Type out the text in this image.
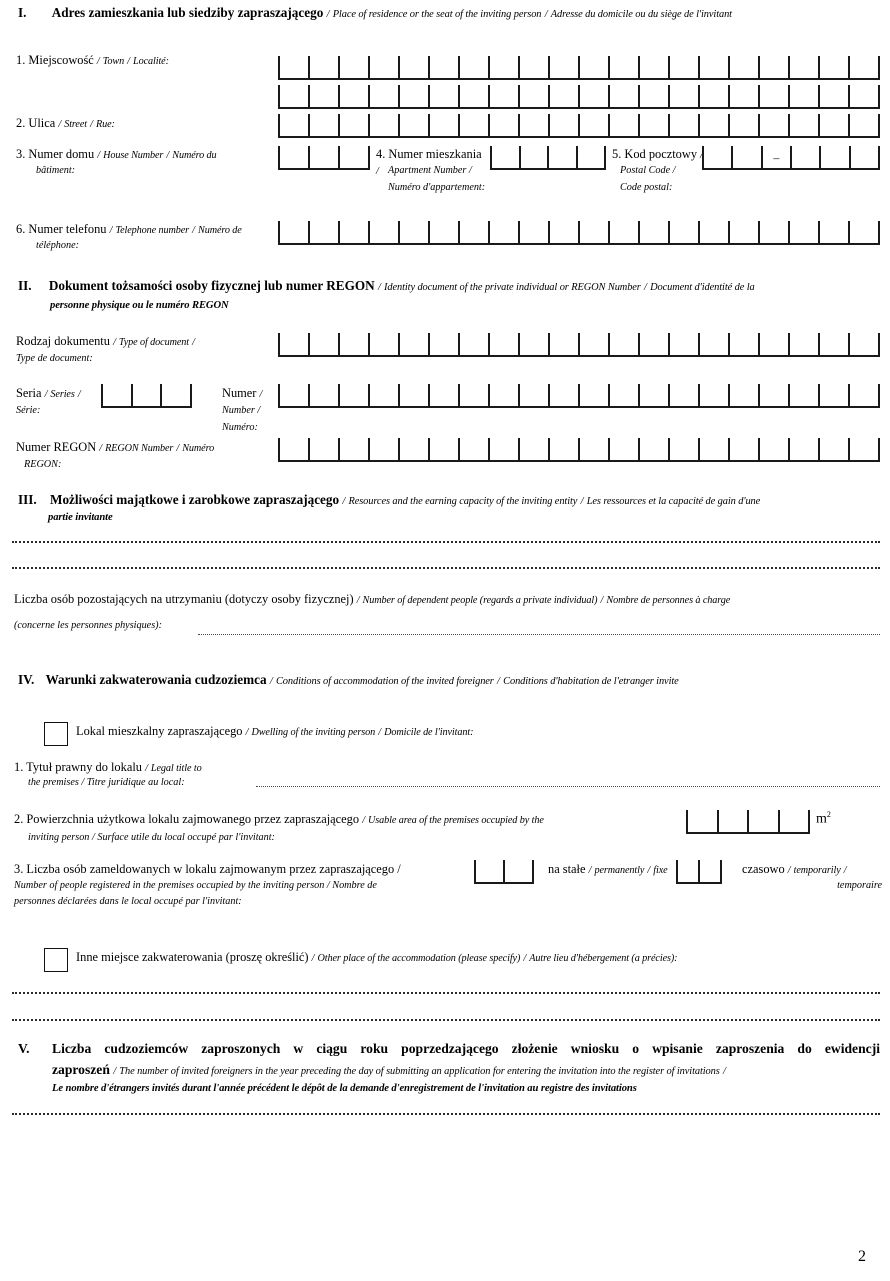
I. Adres zamieszkania lub siedziby zapraszającego / Place of residence or the seat of the inviting person / Adresse du domicile ou du siège de l'invitant
1. Miejscowość / Town / Localité:
2. Ulica / Street / Rue:
3. Numer domu / House Number / Numéro du
bâtiment:
4. Numer mieszkania / Apartment Number /
Numéro d'appartement:
5. Kod pocztowy /
Postal Code /
Code postal:
–
6. Numer telefonu / Telephone number / Numéro de
téléphone:
II. Dokument tożsamości osoby fizycznej lub numer REGON / Identity document of the private individual or REGON Number / Document d'identité de la
personne physique ou le numéro REGON
Rodzaj dokumentu / Type of document /
Type de document:
Seria / Series /
Série:
Numer /
Number /
Numéro:
Numer REGON / REGON Number / Numéro
REGON:
III. Możliwości majątkowe i zarobkowe zapraszającego / Resources and the earning capacity of the inviting entity / Les ressources et la capacité de gain d'une
partie invitante
Liczba osób pozostających na utrzymaniu (dotyczy osoby fizycznej) / Number of dependent people (regards a private individual) / Nombre de personnes à charge
(concerne les personnes physiques):
IV. Warunki zakwaterowania cudzoziemca / Conditions of accommodation of the invited foreigner / Conditions d'habitation de l'etranger invite
Lokal mieszkalny zapraszającego / Dwelling of the inviting person / Domicile de l'invitant:
1. Tytuł prawny do lokalu / Legal title to
the premises / Titre juridique au local:
2. Powierzchnia użytkowa lokalu zajmowanego przez zapraszającego / Usable area of the premises occupied by the
inviting person / Surface utile du local occupé par l'invitant:
$m^2$
3. Liczba osób zameldowanych w lokalu zajmowanym przez zapraszającego /
Number of people registered in the premises occupied by the inviting person / Nombre de
personnes déclarées dans le local occupé par l'invitant:
na stałe / permanently / fixe	czasowo / temporarily /
temporaire
Inne miejsce zakwaterowania (proszę określić) / Other place of the accommodation (please specify) / Autre lieu d'hébergement (a précies):
V. Liczba cudzoziemców zaproszonych w ciągu roku poprzedzającego złożenie wniosku o wpisanie zaproszenia do ewidencji
zaproszeń / The number of invited foreigners in the year preceding the day of submitting an application for entering the invitation into the register of invitations /
Le nombre d'étrangers invités durant l'année précédent le dépôt de la demande d'enregistrement de l'invitation au registre des invitations
2
